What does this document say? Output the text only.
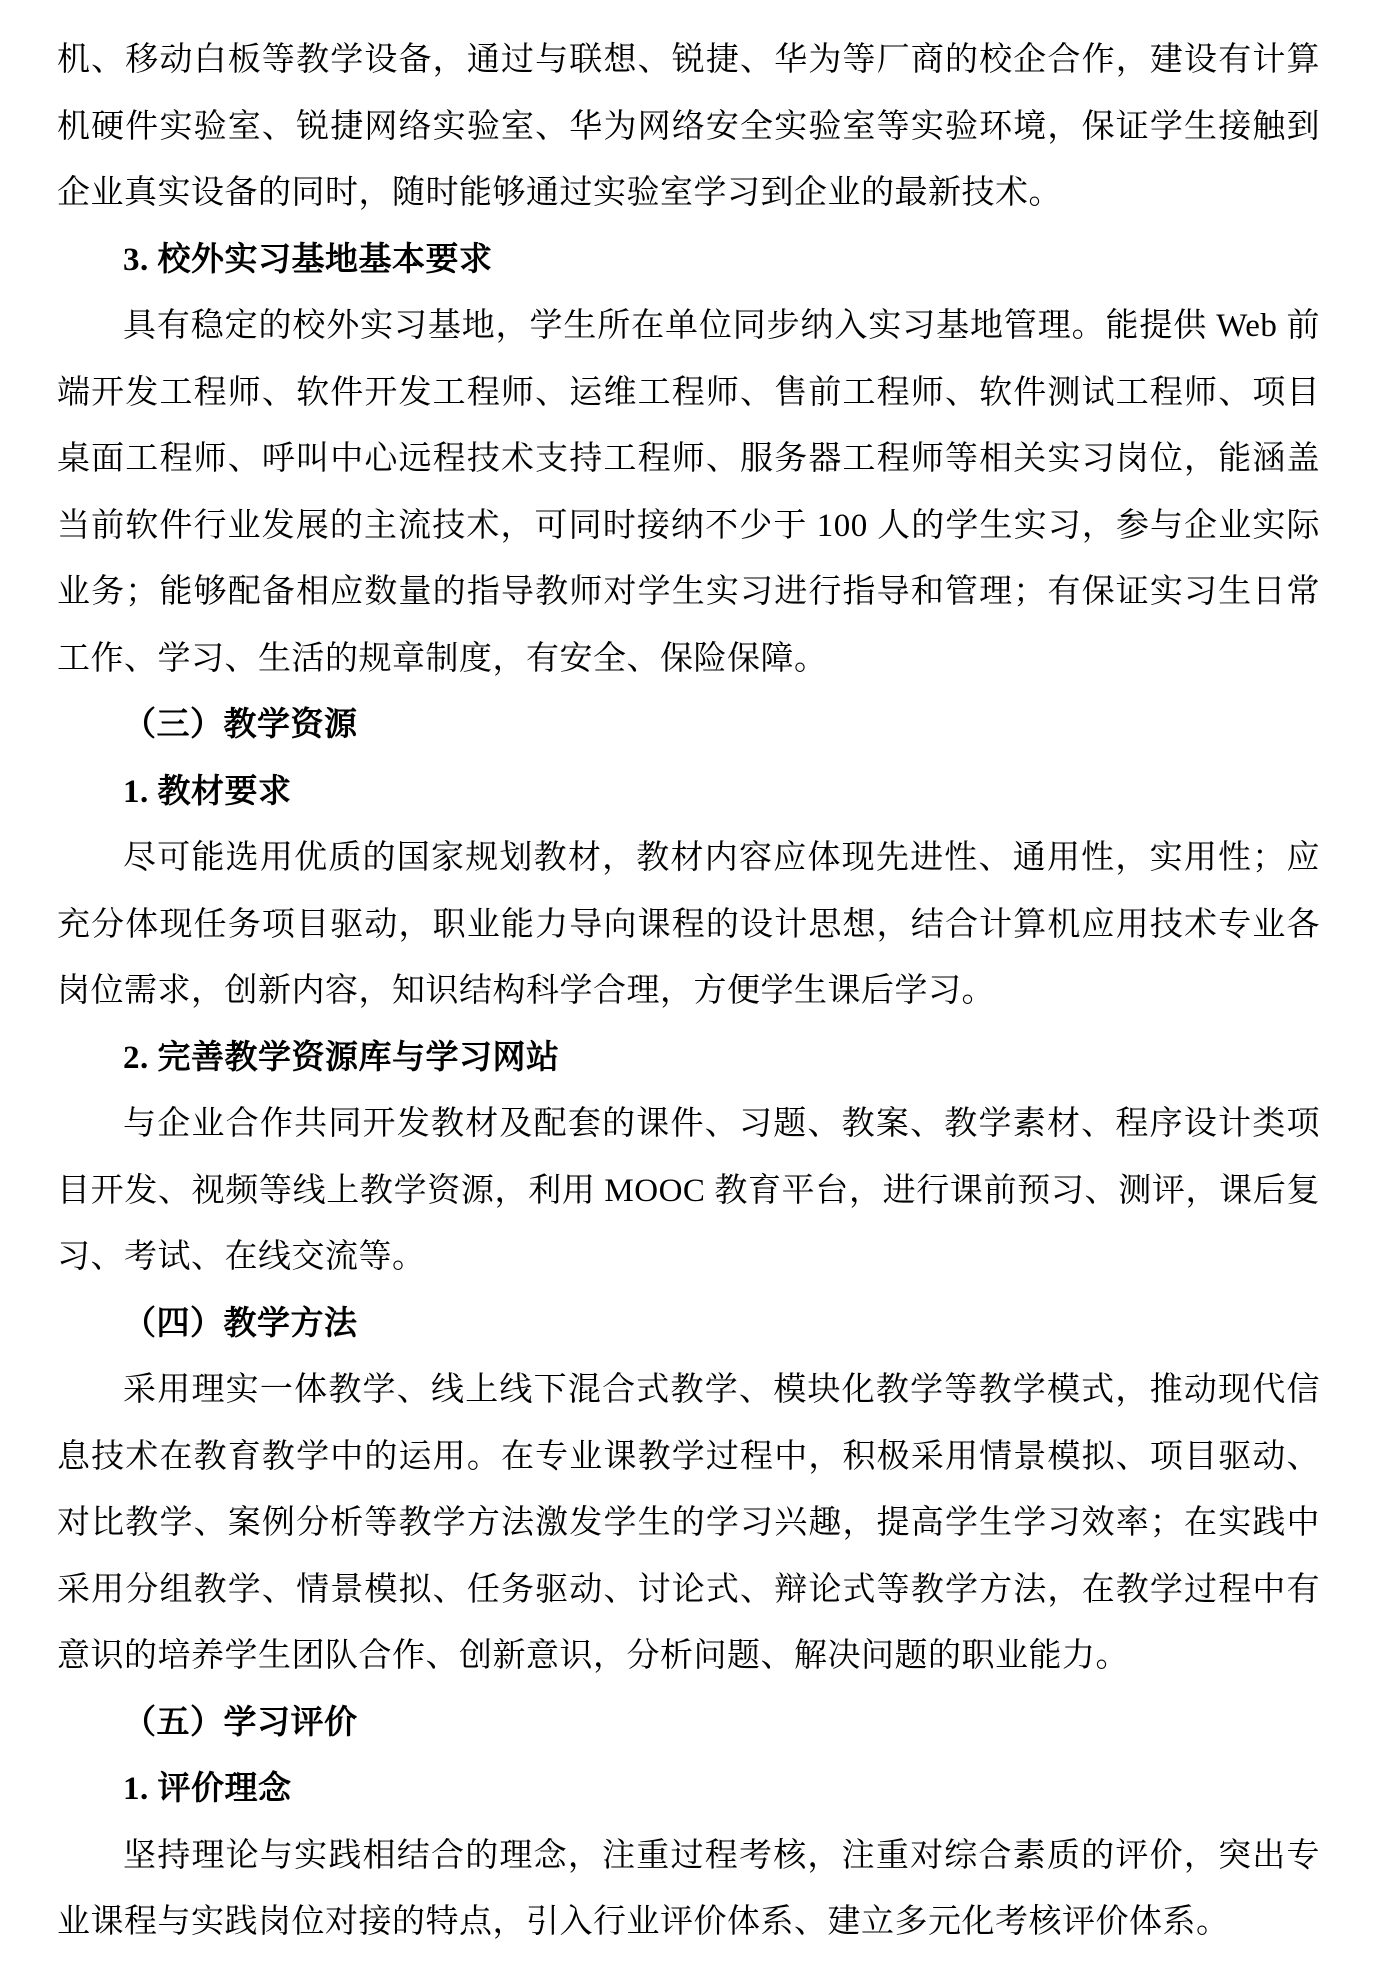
机、移动白板等教学设备，通过与联想、锐捷、华为等厂商的校企合作，建设有计算机硬件实验室、锐捷网络实验室、华为网络安全实验室等实验环境，保证学生接触到企业真实设备的同时，随时能够通过实验室学习到企业的最新技术。

3. 校外实习基地基本要求

具有稳定的校外实习基地，学生所在单位同步纳入实习基地管理。能提供 Web 前端开发工程师、软件开发工程师、运维工程师、售前工程师、软件测试工程师、项目桌面工程师、呼叫中心远程技术支持工程师、服务器工程师等相关实习岗位，能涵盖当前软件行业发展的主流技术，可同时接纳不少于 100 人的学生实习，参与企业实际业务；能够配备相应数量的指导教师对学生实习进行指导和管理；有保证实习生日常工作、学习、生活的规章制度，有安全、保险保障。

（三）教学资源

1. 教材要求

尽可能选用优质的国家规划教材，教材内容应体现先进性、通用性，实用性；应充分体现任务项目驱动，职业能力导向课程的设计思想，结合计算机应用技术专业各岗位需求，创新内容，知识结构科学合理，方便学生课后学习。

2. 完善教学资源库与学习网站

与企业合作共同开发教材及配套的课件、习题、教案、教学素材、程序设计类项目开发、视频等线上教学资源，利用 MOOC 教育平台，进行课前预习、测评，课后复习、考试、在线交流等。

（四）教学方法

采用理实一体教学、线上线下混合式教学、模块化教学等教学模式，推动现代信息技术在教育教学中的运用。在专业课教学过程中，积极采用情景模拟、项目驱动、对比教学、案例分析等教学方法激发学生的学习兴趣，提高学生学习效率；在实践中采用分组教学、情景模拟、任务驱动、讨论式、辩论式等教学方法，在教学过程中有意识的培养学生团队合作、创新意识，分析问题、解决问题的职业能力。

（五）学习评价

1. 评价理念

坚持理论与实践相结合的理念，注重过程考核，注重对综合素质的评价，突出专业课程与实践岗位对接的特点，引入行业评价体系、建立多元化考核评价体系。
